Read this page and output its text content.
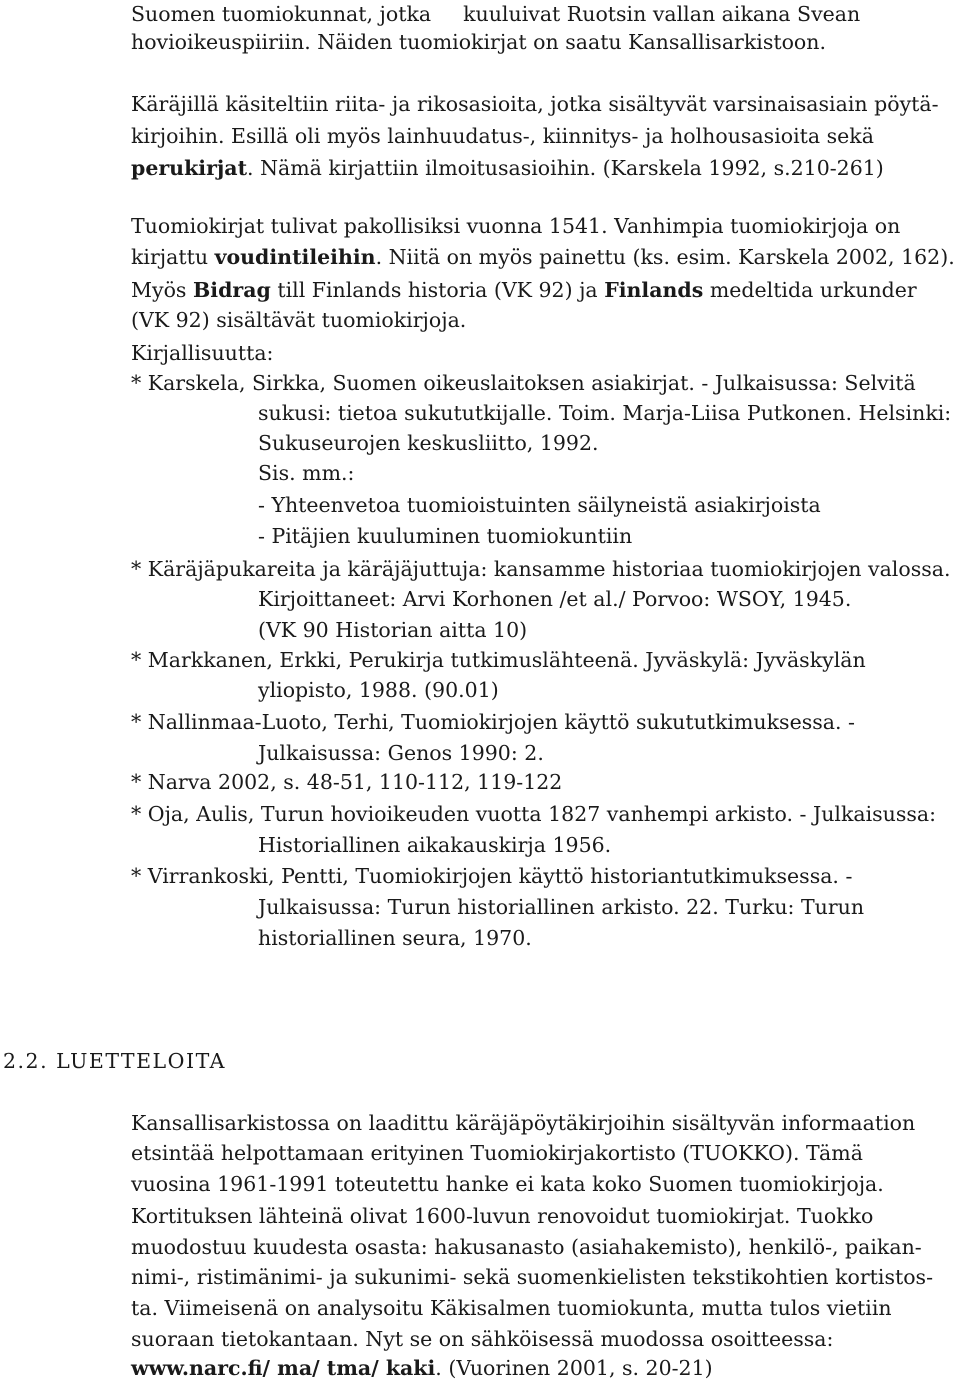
Suomen tuomiokunnat, jotka kuuluivat Ruotsin vallan aikana Svean
hovioikeuspiiriin. Näiden tuomiokirjat on saatu Kansallisarkistoon.
Käräjillä käsiteltiin riita- ja rikosasioita, jotka sisältyvät varsinaisasiain pöytä-
kirjoihin. Esillä oli myös lainhuudatus-, kiinnitys- ja holhousasioita sekä
perukirjat. Nämä kirjattiin ilmoitusasioihin. (Karskela 1992, s.210-261)
Tuomiokirjat tulivat pakollisiksi vuonna 1541. Vanhimpia tuomiokirjoja on
kirjattu voudintileihin. Niitä on myös painettu (ks. esim. Karskela 2002, 162).
Myös Bidrag till Finlands historia (VK 92) ja Finlands medeltida urkunder
(VK 92) sisältävät tuomiokirjoja.
Kirjallisuutta:
* Karskela, Sirkka, Suomen oikeuslaitoksen asiakirjat. - Julkaisussa: Selvitä
sukusi: tietoa sukututkijalle. Toim. Marja-Liisa Putkonen. Helsinki:
Sukuseurojen keskusliitto, 1992.
Sis. mm.:
- Yhteenvetoa tuomioistuinten säilyneistä asiakirjoista
- Pitäjien kuuluminen tuomiokuntiin
* Käräjäpukareita ja käräjäjuttuja: kansamme historiaa tuomiokirjojen valossa.
Kirjoittaneet: Arvi Korhonen /et al./ Porvoo: WSOY, 1945.
(VK 90 Historian aitta 10)
* Markkanen, Erkki, Perukirja tutkimuslähteenä. Jyväskylä: Jyväskylän
yliopisto, 1988. (90.01)
* Nallinmaa-Luoto, Terhi, Tuomiokirjojen käyttö sukututkimuksessa. -
Julkaisussa: Genos 1990: 2.
* Narva 2002, s. 48-51, 110-112, 119-122
* Oja, Aulis, Turun hovioikeuden vuotta 1827 vanhempi arkisto. - Julkaisussa:
Historiallinen aikakauskirja 1956.
* Virrankoski, Pentti, Tuomiokirjojen käyttö historiantutkimuksessa. -
Julkaisussa: Turun historiallinen arkisto. 22. Turku: Turun
historiallinen seura, 1970.
2.2. LUETTELOITA
Kansallisarkistossa on laadittu käräjäpöytäkirjoihin sisältyvän informaation
etsintää helpottamaan erityinen Tuomiokirjakortisto (TUOKKO). Tämä
vuosina 1961-1991 toteutettu hanke ei kata koko Suomen tuomiokirjoja.
Kortituksen lähteinä olivat 1600-luvun renovoidut tuomiokirjat. Tuokko
muodostuu kuudesta osasta: hakusanasto (asiahakemisto), henkilö-, paikan-
nimi-, ristimänimi- ja sukunimi- sekä suomenkielisten tekstikohtien kortistos-
ta. Viimeisenä on analysoitu Käkisalmen tuomiokunta, mutta tulos vietiin
suoraan tietokantaan. Nyt se on sähköisessä muodossa osoitteessa:
www.narc.fi/ ma/ tma/ kaki. (Vuorinen 2001, s. 20-21)
